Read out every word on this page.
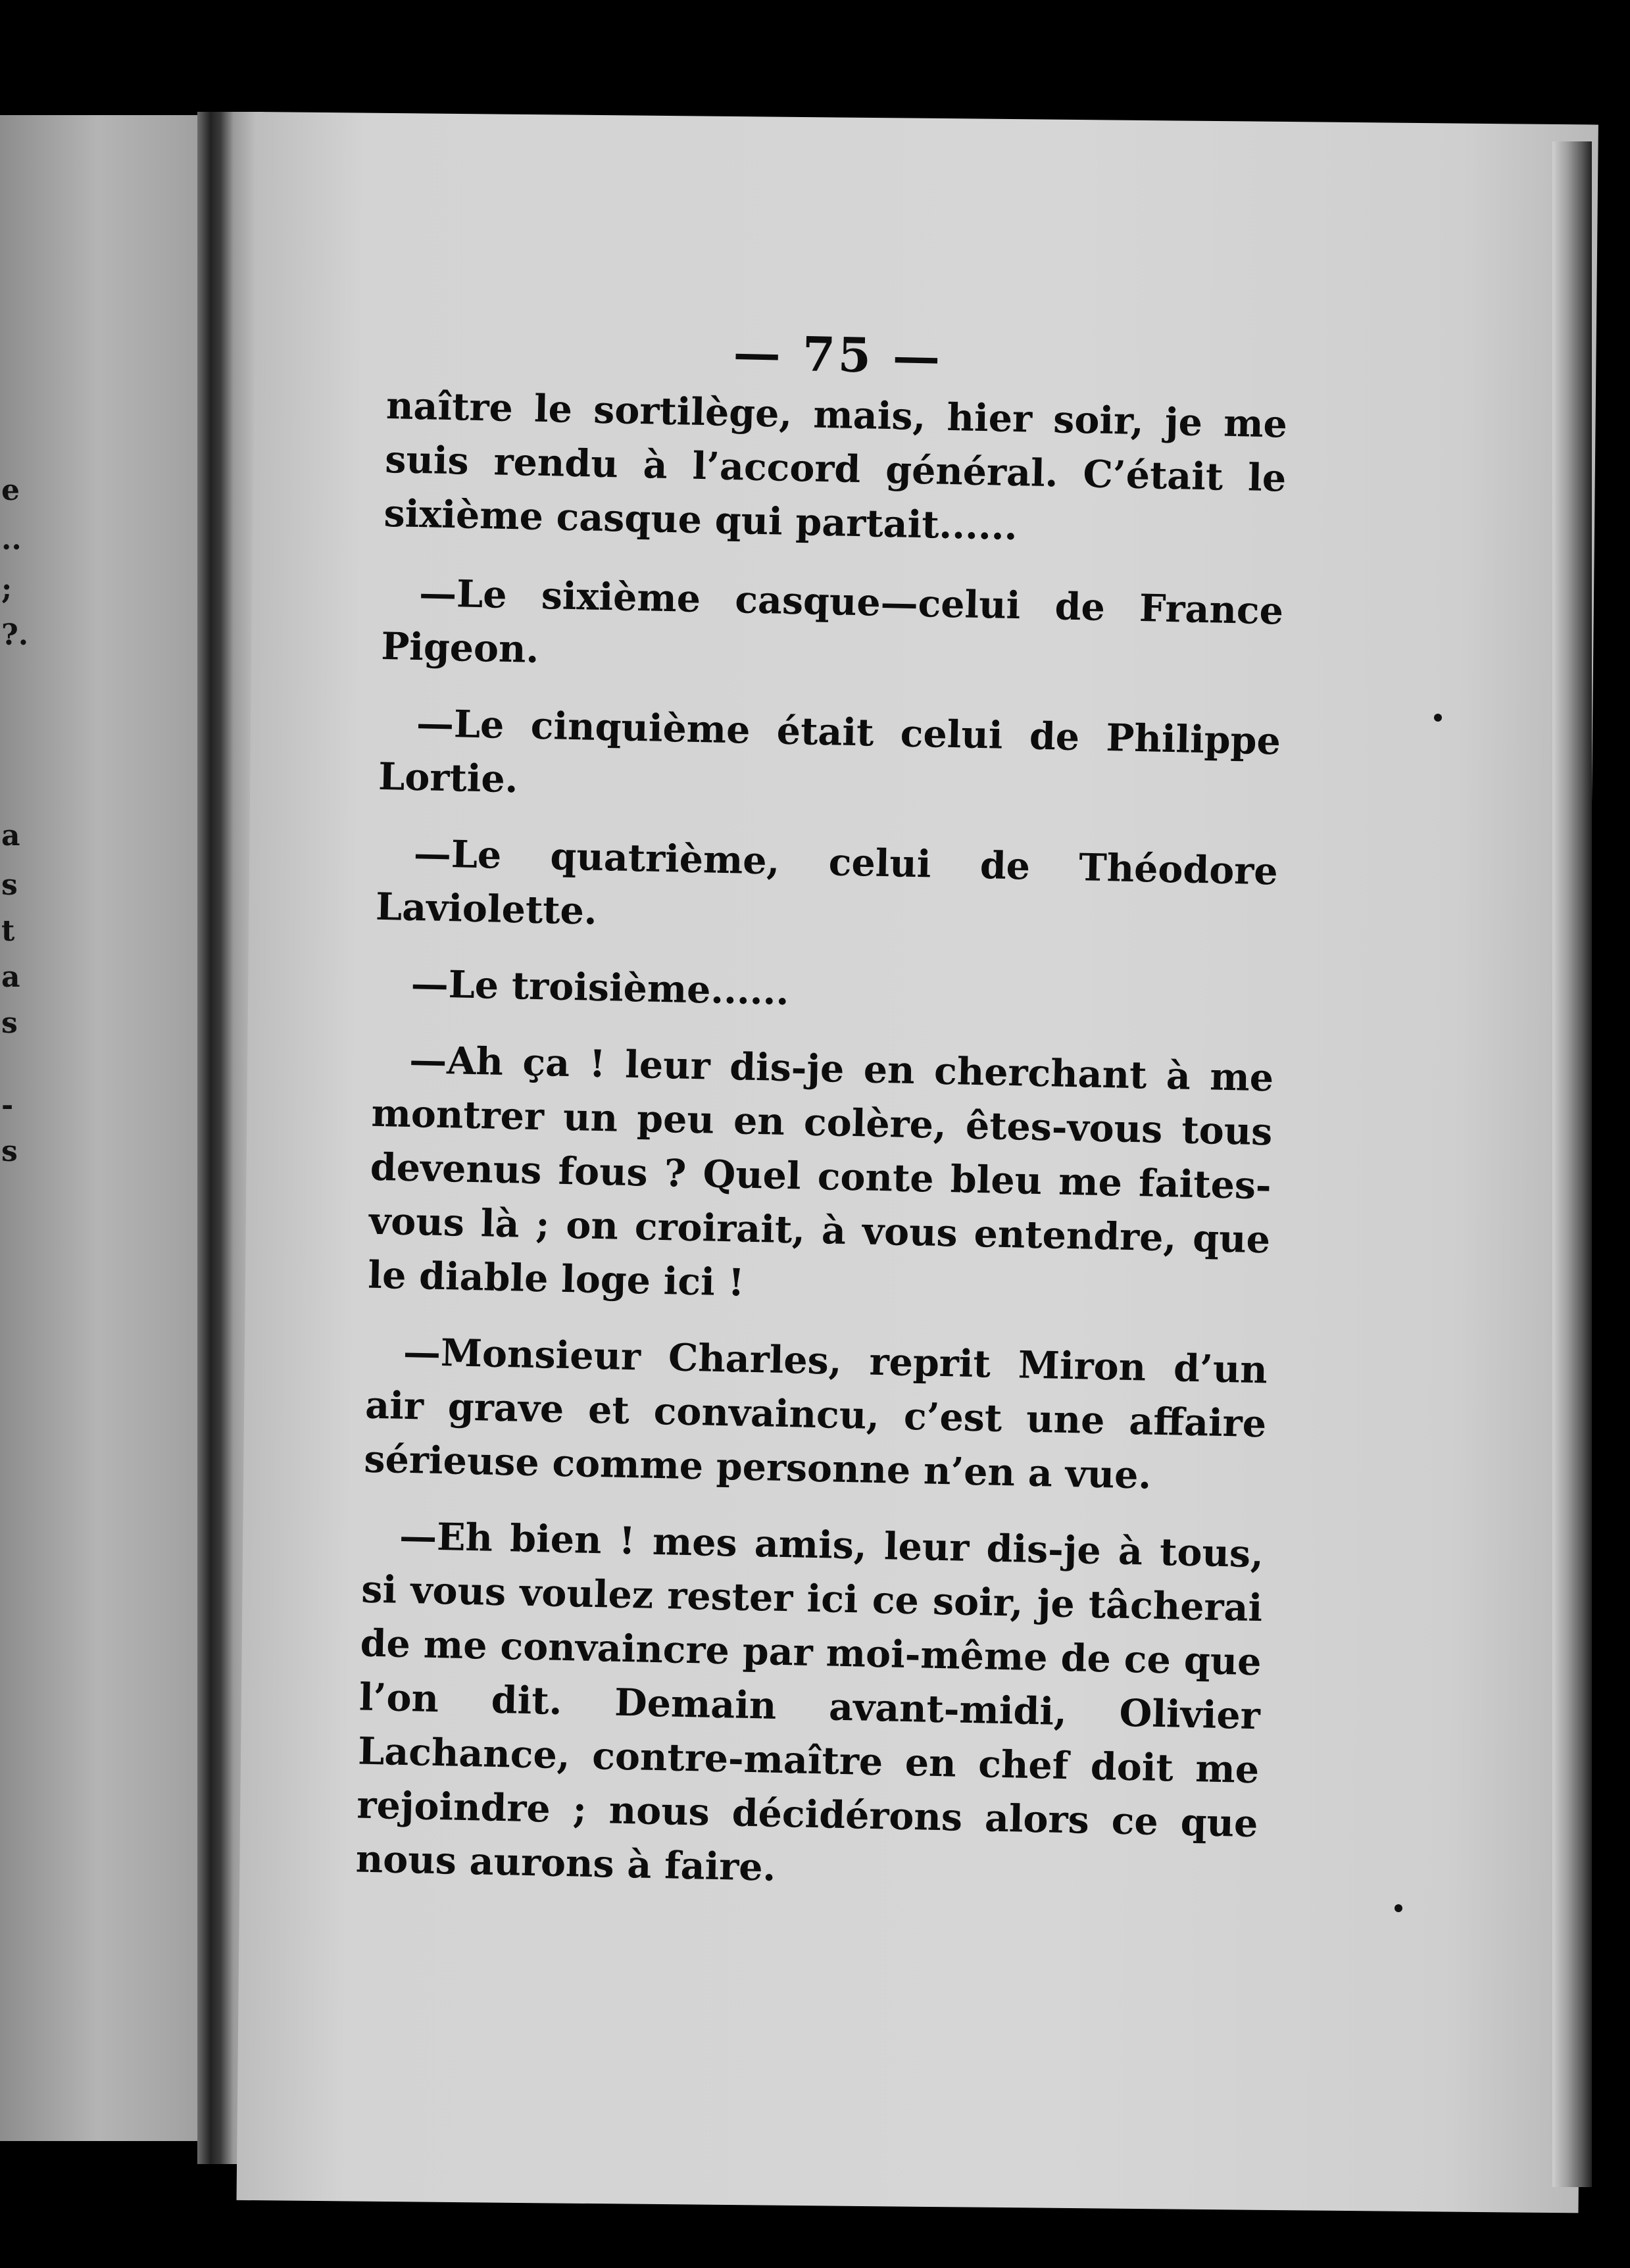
e
..
;
?.
a
s
t
a
s
-
s
— 75 —

naître le sortilège, mais, hier soir, je me suis rendu à l’accord général. C’était le sixième casque qui partait......

—Le sixième casque—celui de France Pigeon.

—Le cinquième était celui de Philippe Lortie.

—Le quatrième, celui de Théodore Laviolette.

—Le troisième......

—Ah ça ! leur dis-je en cherchant à me montrer un peu en colère, êtes-vous tous devenus fous ? Quel conte bleu me faites-vous là ; on croirait, à vous entendre, que le diable loge ici !

—Monsieur Charles, reprit Miron d’un air grave et convaincu, c’est une affaire sérieuse comme personne n’en a vue.

—Eh bien ! mes amis, leur dis-je à tous, si vous voulez rester ici ce soir, je tâcherai de me convaincre par moi-même de ce que l’on dit. Demain avant-midi, Olivier Lachance, contre-maître en chef doit me rejoindre ; nous décidérons alors ce que nous aurons à faire.
